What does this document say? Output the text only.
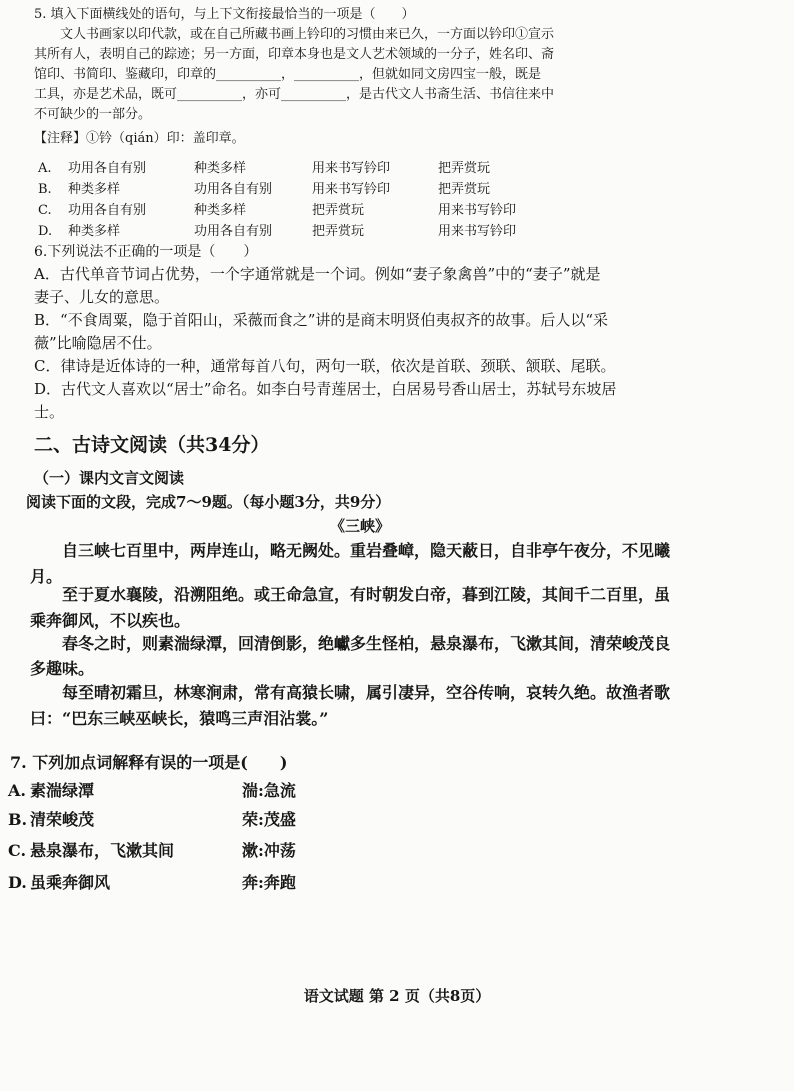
5. 填入下面横线处的语句，与上下文衔接最恰当的一项是（　　）
　　文人书画家以印代款，或在自己所藏书画上钤印的习惯由来已久，一方面以钤印①宣示
其所有人，表明自己的踪迹；另一方面，印章本身也是文人艺术领域的一分子，姓名印、斋
馆印、书简印、鉴藏印，印章的__________，__________，但就如同文房四宝一般，既是
工具，亦是艺术品，既可__________，亦可__________，是古代文人书斋生活、书信往来中
不可缺少的一部分。
【注释】①钤（qián）印：盖印章。
A. 功用各自有别	种类多样	用来书写钤印	把弄赏玩
B. 种类多样	功用各自有别	用来书写钤印	把弄赏玩
C. 功用各自有别	种类多样	把弄赏玩	用来书写钤印
D. 种类多样	功用各自有别	把弄赏玩	用来书写钤印
6.下列说法不正确的一项是（　　）
A．古代单音节词占优势，一个字通常就是一个词。例如“妻子象禽兽”中的“妻子”就是
妻子、儿女的意思。
B．“不食周粟，隐于首阳山，采薇而食之”讲的是商末明贤伯夷叔齐的故事。后人以“采
薇”比喻隐居不仕。
C．律诗是近体诗的一种，通常每首八句，两句一联，依次是首联、颈联、颔联、尾联。
D．古代文人喜欢以“居士”命名。如李白号青莲居士，白居易号香山居士，苏轼号东坡居
士。
二、古诗文阅读（共34分）
（一）课内文言文阅读
阅读下面的文段，完成7～9题。（每小题3分，共9分）
《三峡》
　　自三峡七百里中，两岸连山，略无阙处。重岩叠嶂，隐天蔽日，自非亭午夜分，不见曦
月。
　　至于夏水襄陵，沿溯阻绝。或王命急宣，有时朝发白帝，暮到江陵，其间千二百里，虽
乘奔御风，不以疾也。
　　春冬之时，则素湍绿潭，回清倒影，绝巘多生怪柏，悬泉瀑布，飞漱其间，清荣峻茂良
多趣味。
　　每至晴初霜旦，林寒涧肃，常有高猿长啸，属引凄异，空谷传响，哀转久绝。故渔者歌
曰：“巴东三峡巫峡长，猿鸣三声泪沾裳。”
7. 下列加点词解释有误的一项是(　　)
A. 素湍绿潭	湍:急流
B. 清荣峻茂	荣:茂盛
C. 悬泉瀑布，飞漱其间	漱:冲荡
D. 虽乘奔御风	奔:奔跑
语文试题 第 2 页（共8页）
